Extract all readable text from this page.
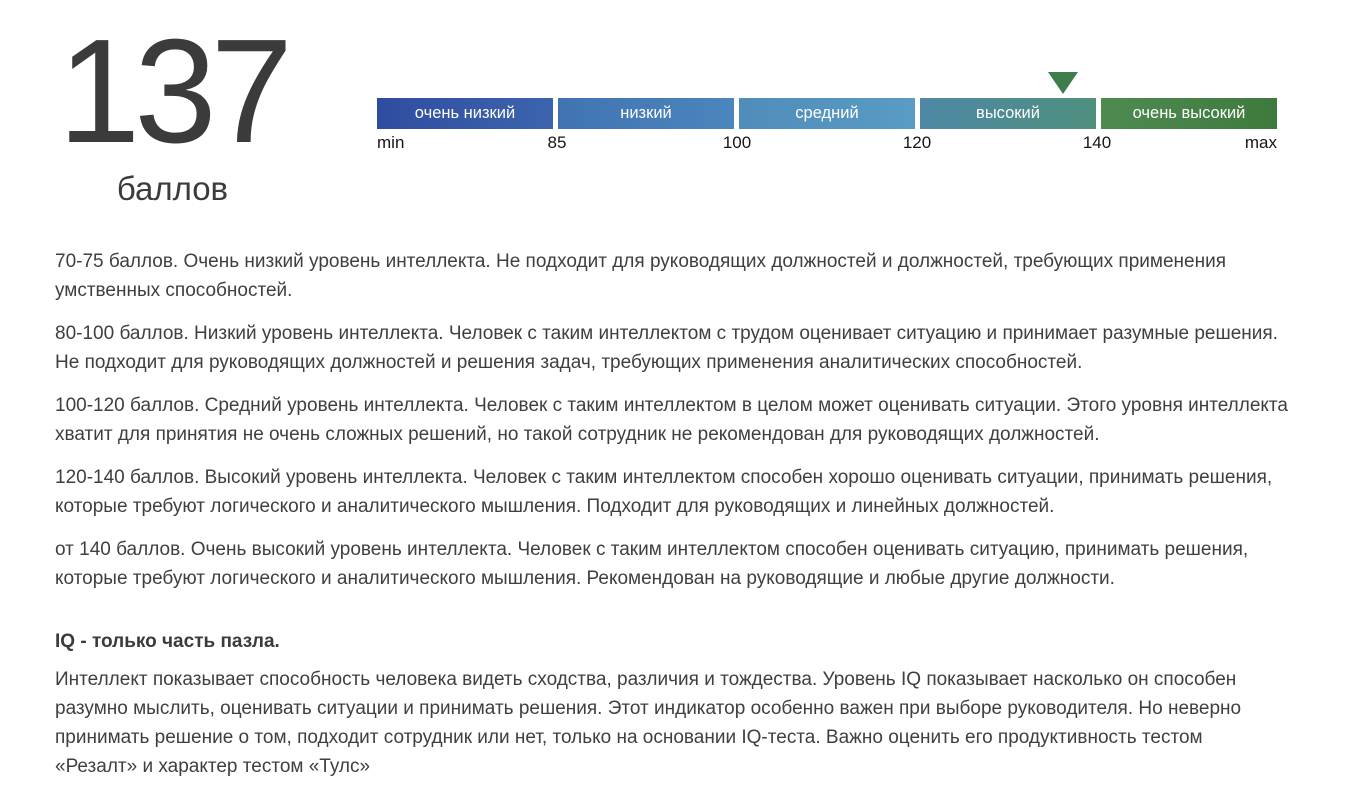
137
баллов
очень низкий	низкий	средний	высокий	очень высокий
min	85	100	120	140	max

70-75 баллов. Очень низкий уровень интеллекта. Не подходит для руководящих должностей и должностей, требующих применения умственных способностей.

80-100 баллов. Низкий уровень интеллекта. Человек с таким интеллектом с трудом оценивает ситуацию и принимает разумные решения. Не подходит для руководящих должностей и решения задач, требующих применения аналитических способностей.

100-120 баллов. Средний уровень интеллекта. Человек с таким интеллектом в целом может оценивать ситуации. Этого уровня интеллекта хватит для принятия не очень сложных решений, но такой сотрудник не рекомендован для руководящих должностей.

120-140 баллов. Высокий уровень интеллекта. Человек с таким интеллектом способен хорошо оценивать ситуации, принимать решения, которые требуют логического и аналитического мышления. Подходит для руководящих и линейных должностей.

от 140 баллов. Очень высокий уровень интеллекта. Человек с таким интеллектом способен оценивать ситуацию, принимать решения, которые требуют логического и аналитического мышления. Рекомендован на руководящие и любые другие должности.

IQ - только часть пазла.

Интеллект показывает способность человека видеть сходства, различия и тождества. Уровень IQ показывает насколько он способен разумно мыслить, оценивать ситуации и принимать решения. Этот индикатор особенно важен при выборе руководителя. Но неверно принимать решение о том, подходит сотрудник или нет, только на основании IQ-теста. Важно оценить его продуктивность тестом «Резалт» и характер тестом «Тулс»
